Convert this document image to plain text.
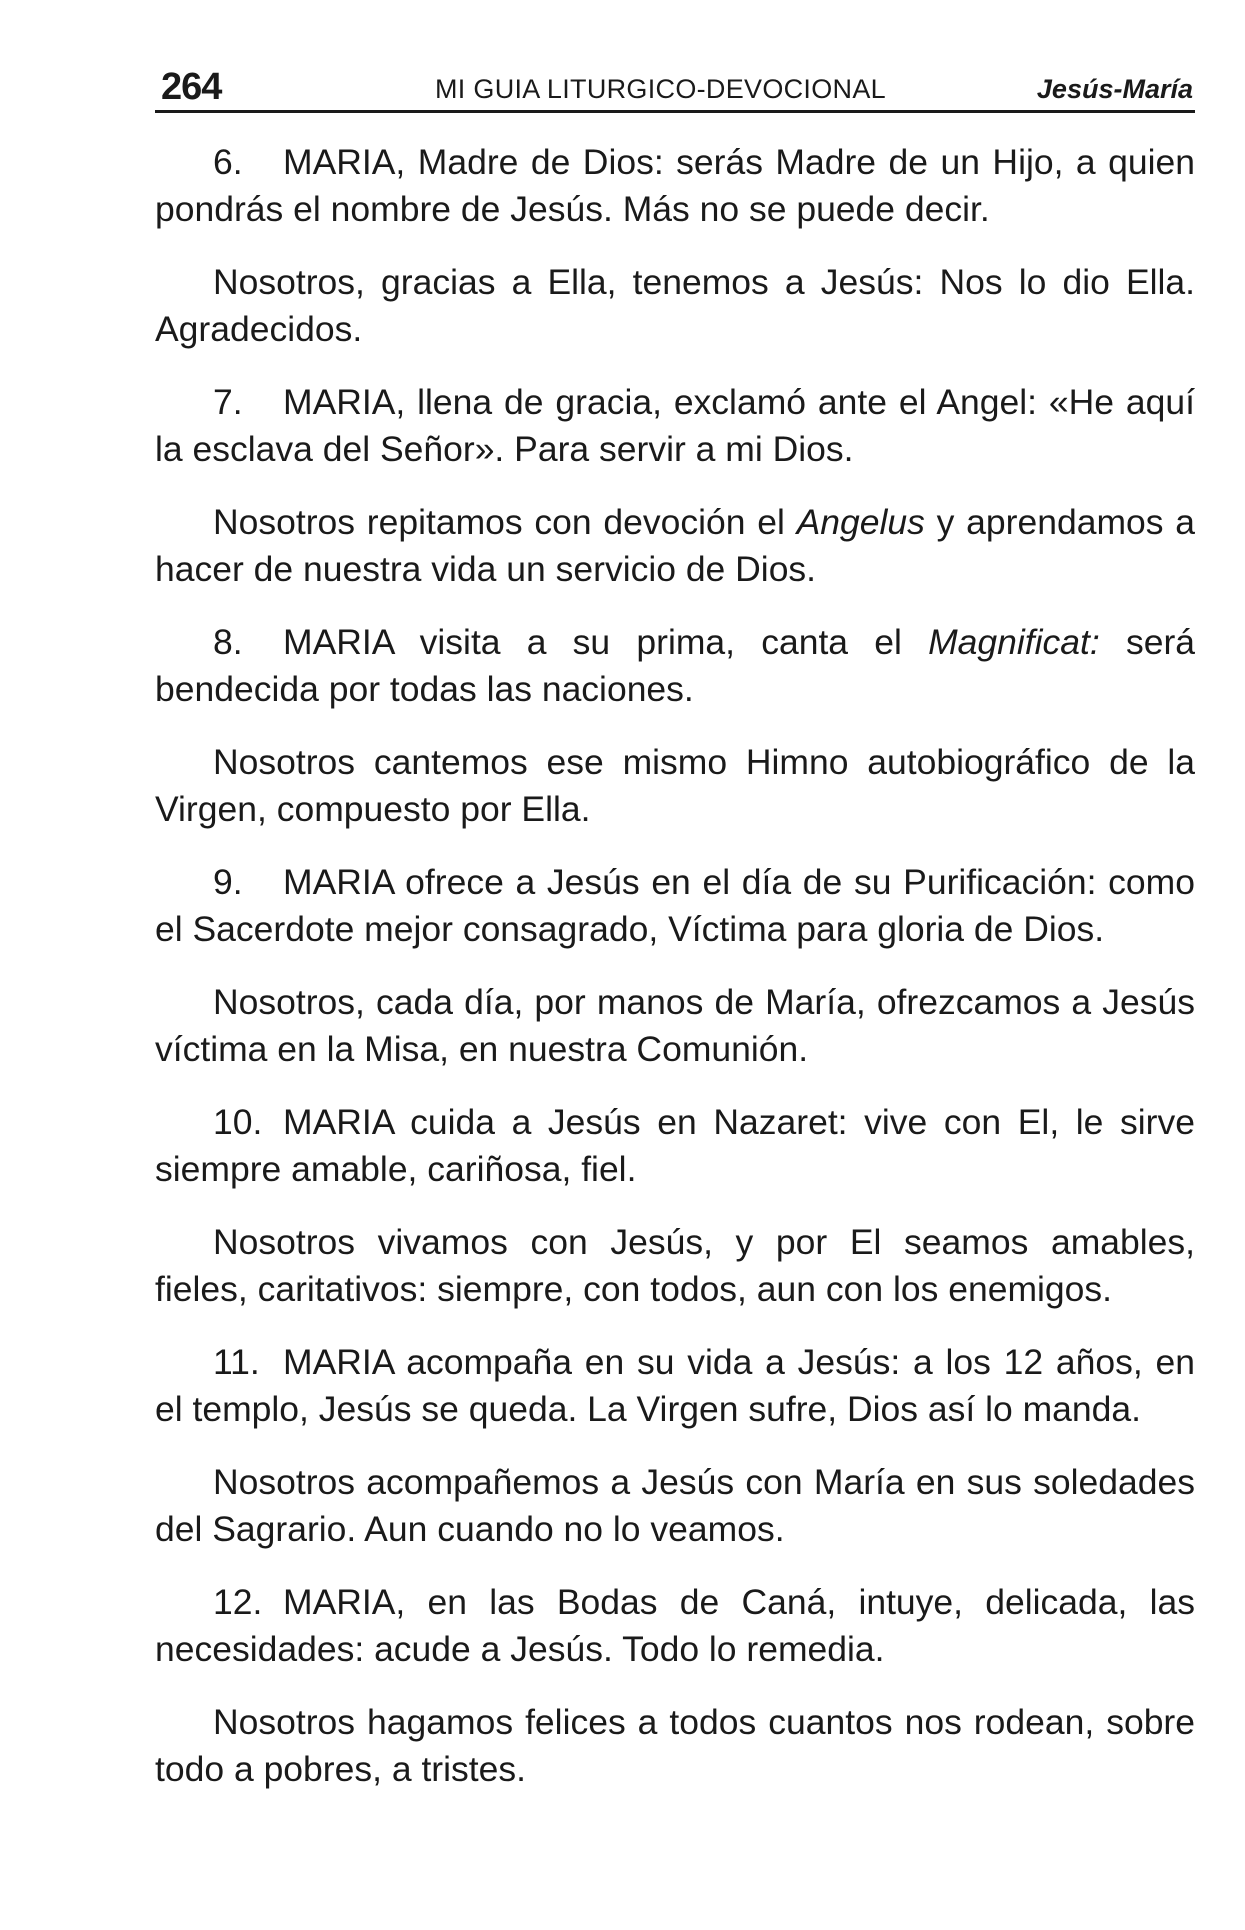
264	MI GUIA LITURGICO-DEVOCIONAL	Jesús-María

6. MARIA, Madre de Dios: serás Madre de un Hijo, a quien pondrás el nombre de Jesús. Más no se puede decir.

Nosotros, gracias a Ella, tenemos a Jesús: Nos lo dio Ella. Agradecidos.

7. MARIA, llena de gracia, exclamó ante el Angel: «He aquí la esclava del Señor». Para servir a mi Dios.

Nosotros repitamos con devoción el Angelus y aprendamos a hacer de nuestra vida un servicio de Dios.

8. MARIA visita a su prima, canta el Magnificat: será bendecida por todas las naciones.

Nosotros cantemos ese mismo Himno autobiográfico de la Virgen, compuesto por Ella.

9. MARIA ofrece a Jesús en el día de su Purificación: como el Sacerdote mejor consagrado, Víctima para gloria de Dios.

Nosotros, cada día, por manos de María, ofrezcamos a Jesús víctima en la Misa, en nuestra Comunión.

10. MARIA cuida a Jesús en Nazaret: vive con El, le sirve siempre amable, cariñosa, fiel.

Nosotros vivamos con Jesús, y por El seamos amables, fieles, caritativos: siempre, con todos, aun con los enemigos.

11. MARIA acompaña en su vida a Jesús: a los 12 años, en el templo, Jesús se queda. La Virgen sufre, Dios así lo manda.

Nosotros acompañemos a Jesús con María en sus soledades del Sagrario. Aun cuando no lo veamos.

12. MARIA, en las Bodas de Caná, intuye, delicada, las necesidades: acude a Jesús. Todo lo remedia.

Nosotros hagamos felices a todos cuantos nos rodean, sobre todo a pobres, a tristes.
